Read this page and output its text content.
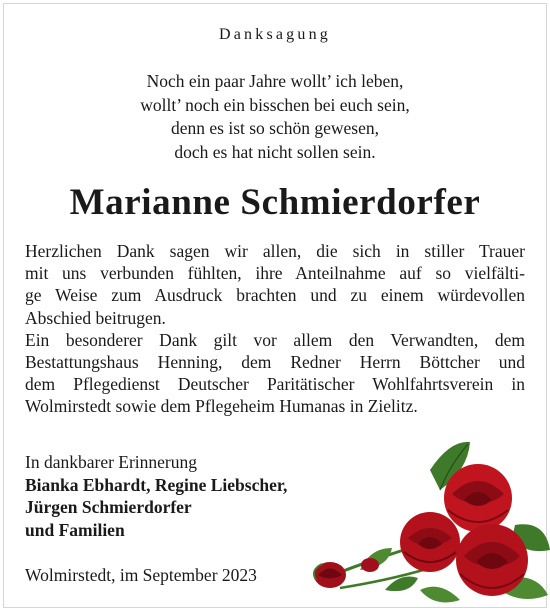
Danksagung
Noch ein paar Jahre wollt’ ich leben,
wollt’ noch ein bisschen bei euch sein,
denn es ist so schön gewesen,
doch es hat nicht sollen sein.
Marianne Schmierdorfer
Herzlichen Dank sagen wir allen, die sich in stiller Trauer
mit uns verbunden fühlten, ihre Anteilnahme auf so vielfälti-
ge Weise zum Ausdruck brachten und zu einem würdevollen
Abschied beitrugen.
Ein besonderer Dank gilt vor allem den Verwandten, dem
Bestattungshaus Henning, dem Redner Herrn Böttcher und
dem Pflegedienst Deutscher Paritätischer Wohlfahrtsverein in
Wolmirstedt sowie dem Pflegeheim Humanas in Zielitz.
In dankbarer Erinnerung
Bianka Ebhardt, Regine Liebscher,
Jürgen Schmierdorfer
und Familien
Wolmirstedt, im September 2023
